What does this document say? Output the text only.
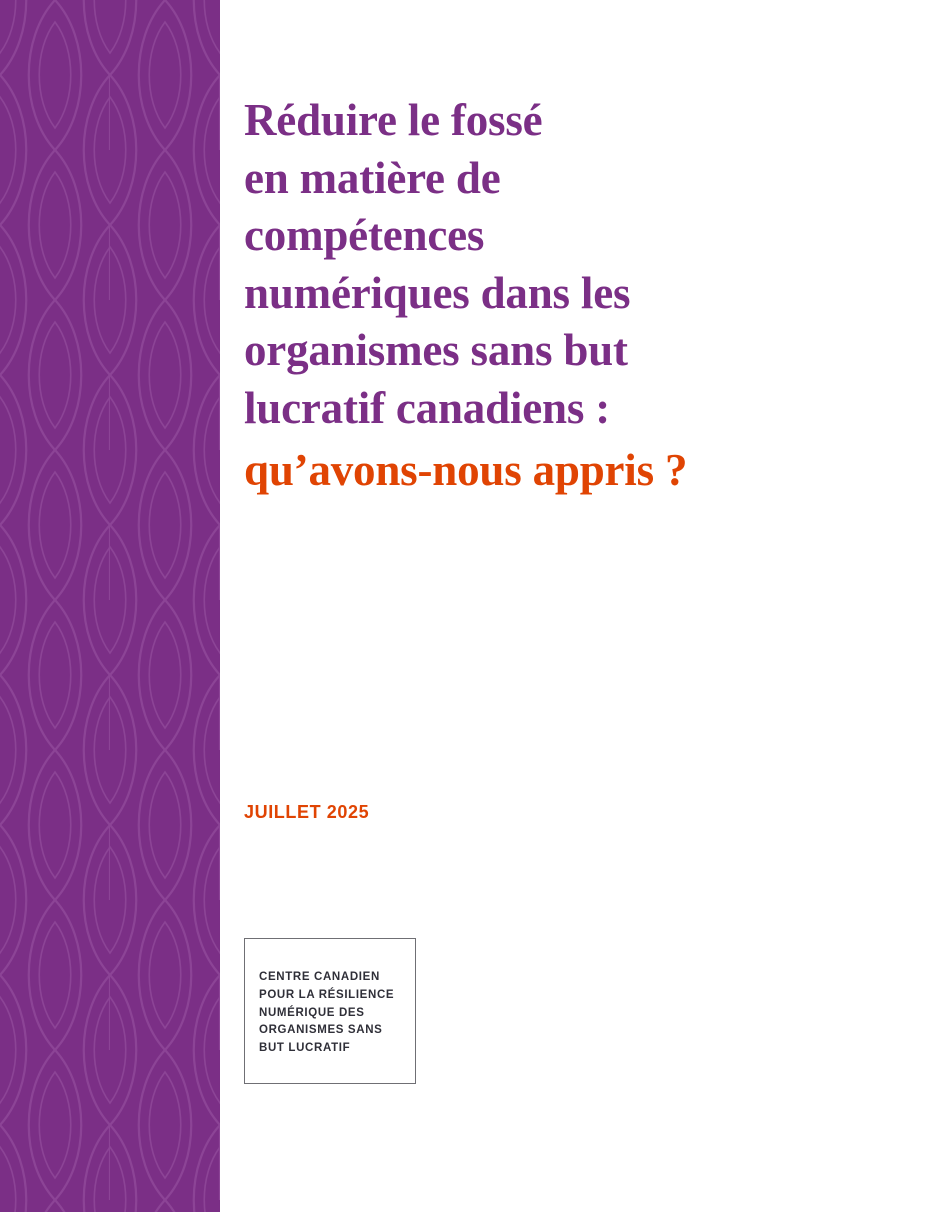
Réduire le fossé
en matière de
compétences
numériques dans les
organismes sans but
lucratif canadiens :
qu’avons-nous appris ?
JUILLET 2025
CENTRE CANADIEN
POUR LA RÉSILIENCE
NUMÉRIQUE DES
ORGANISMES SANS
BUT LUCRATIF
